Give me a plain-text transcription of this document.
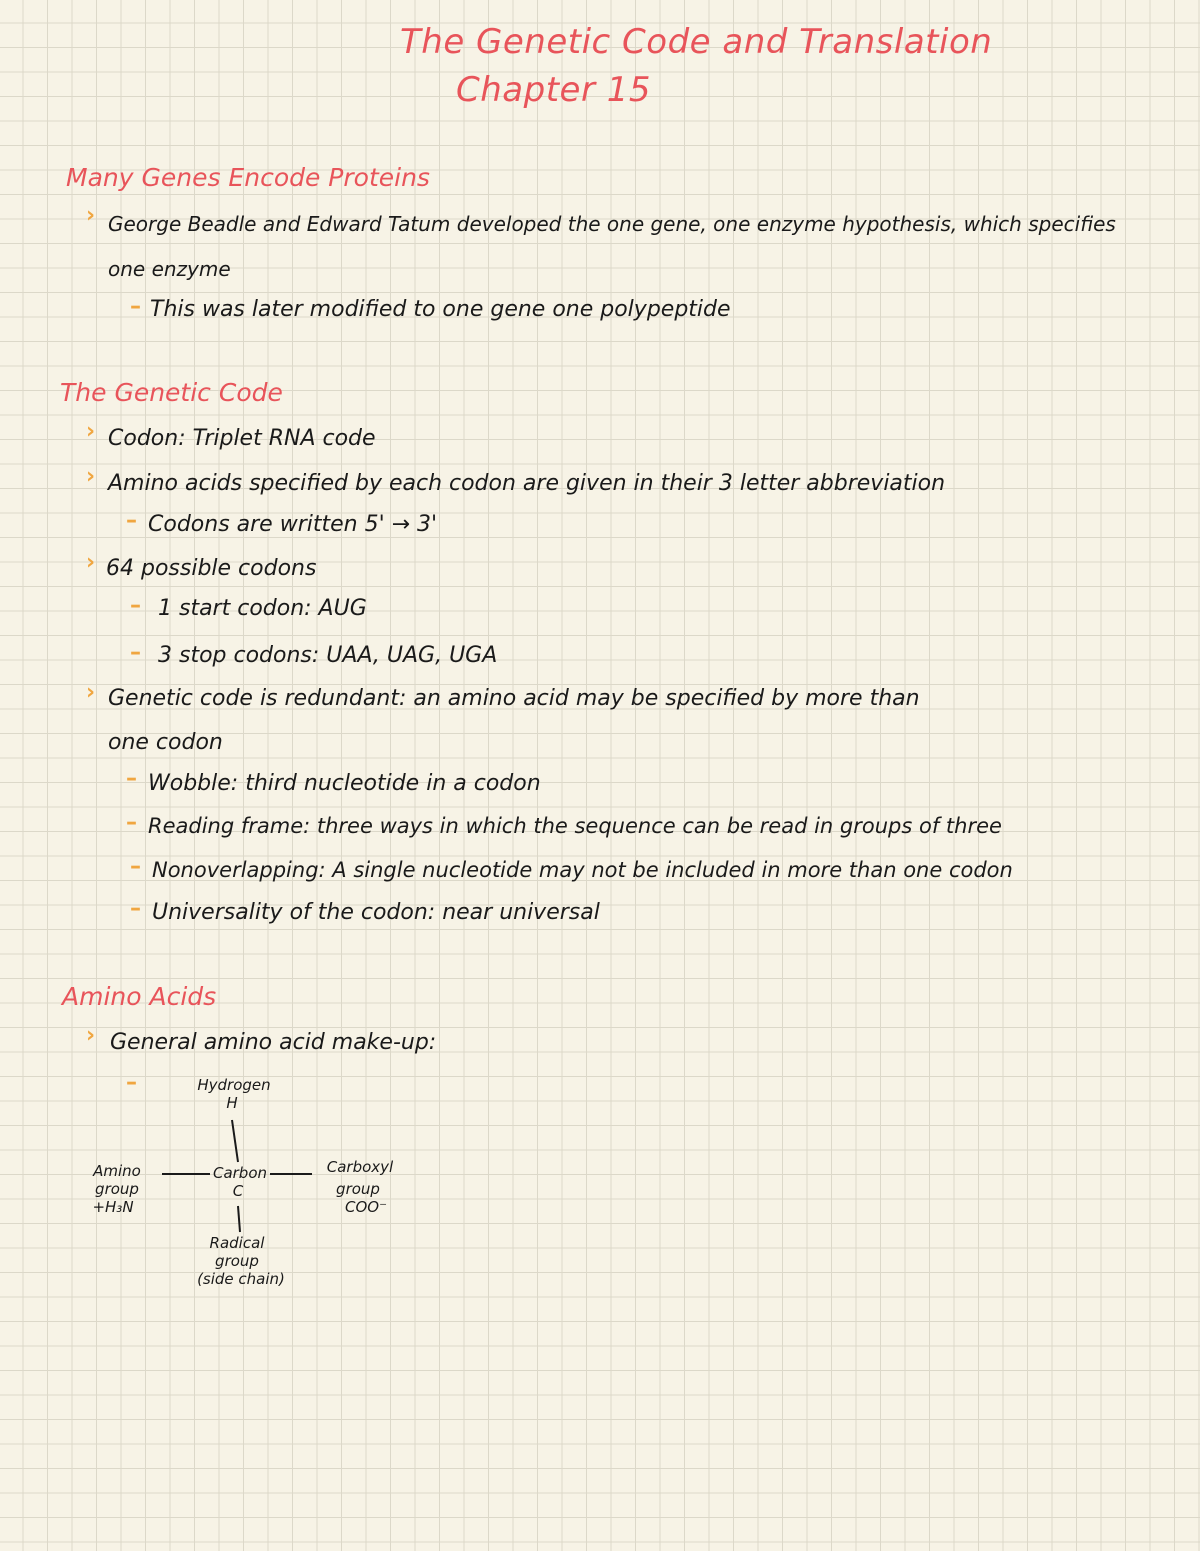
The Genetic Code and Translation
Chapter 15
Many Genes Encode Proteins
› George Beadle and Edward Tatum developed the one gene, one enzyme hypothesis, which specifies
one enzyme
– This was later modified to one gene one polypeptide
The Genetic Code
› Codon: Triplet RNA code
› Amino acids specified by each codon are given in their 3 letter abbreviation
– Codons are written 5' → 3'
› 64 possible codons
– 1 start codon: AUG
– 3 stop codons: UAA, UAG, UGA
› Genetic code is redundant: an amino acid may be specified by more than
one codon
– Wobble: third nucleotide in a codon
– Reading frame: three ways in which the sequence can be read in groups of three
– Nonoverlapping: A single nucleotide may not be included in more than one codon
– Universality of the codon: near universal
Amino Acids
› General amino acid make-up:
–	Hydrogen
H
Amino
group
+H₃N
Carbon
C
Carboxyl
group
COO⁻
Radical
group
(side chain)
